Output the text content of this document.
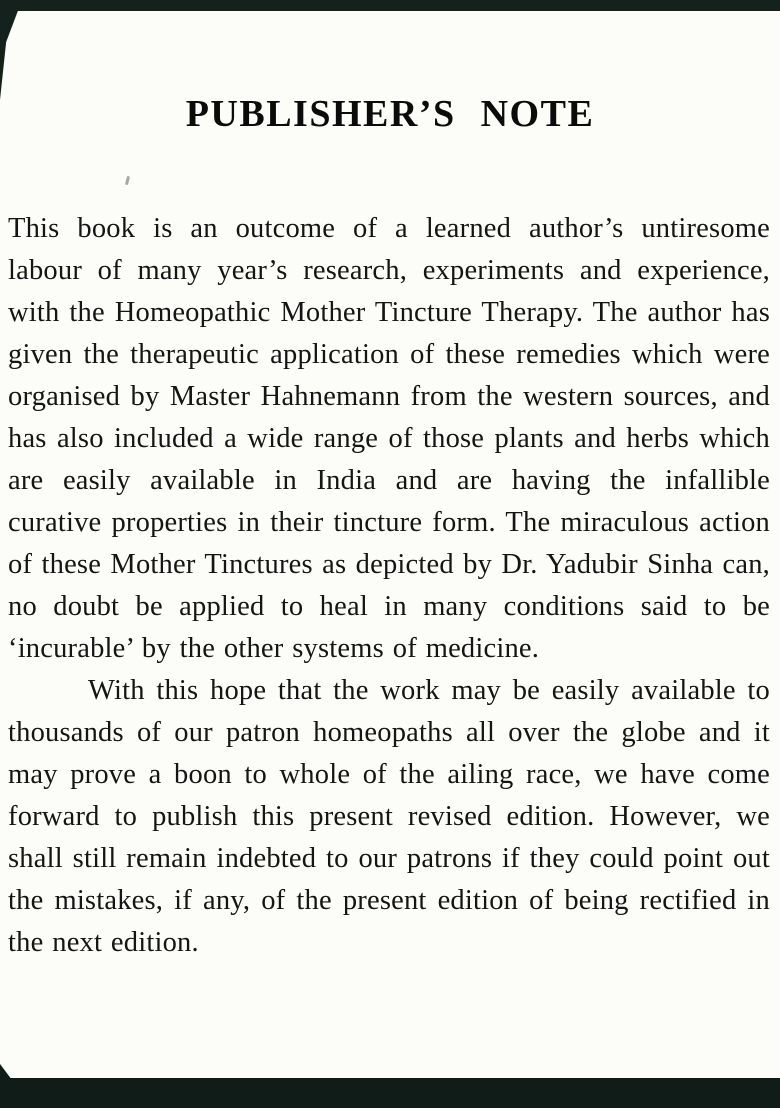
PUBLISHER’S NOTE

This book is an outcome of a learned author’s untiresome labour of many year’s research, experiments and experience, with the Homeopathic Mother Tincture Therapy. The author has given the therapeutic application of these remedies which were organised by Master Hahnemann from the western sources, and has also included a wide range of those plants and herbs which are easily available in India and are having the infallible curative properties in their tincture form. The miraculous action of these Mother Tinctures as depicted by Dr. Yadubir Sinha can, no doubt be applied to heal in many conditions said to be ‘incurable’ by the other systems of medicine.

With this hope that the work may be easily available to thousands of our patron homeopaths all over the globe and it may prove a boon to whole of the ailing race, we have come forward to publish this present revised edition. However, we shall still remain indebted to our patrons if they could point out the mistakes, if any, of the present edition of being rectified in the next edition.
